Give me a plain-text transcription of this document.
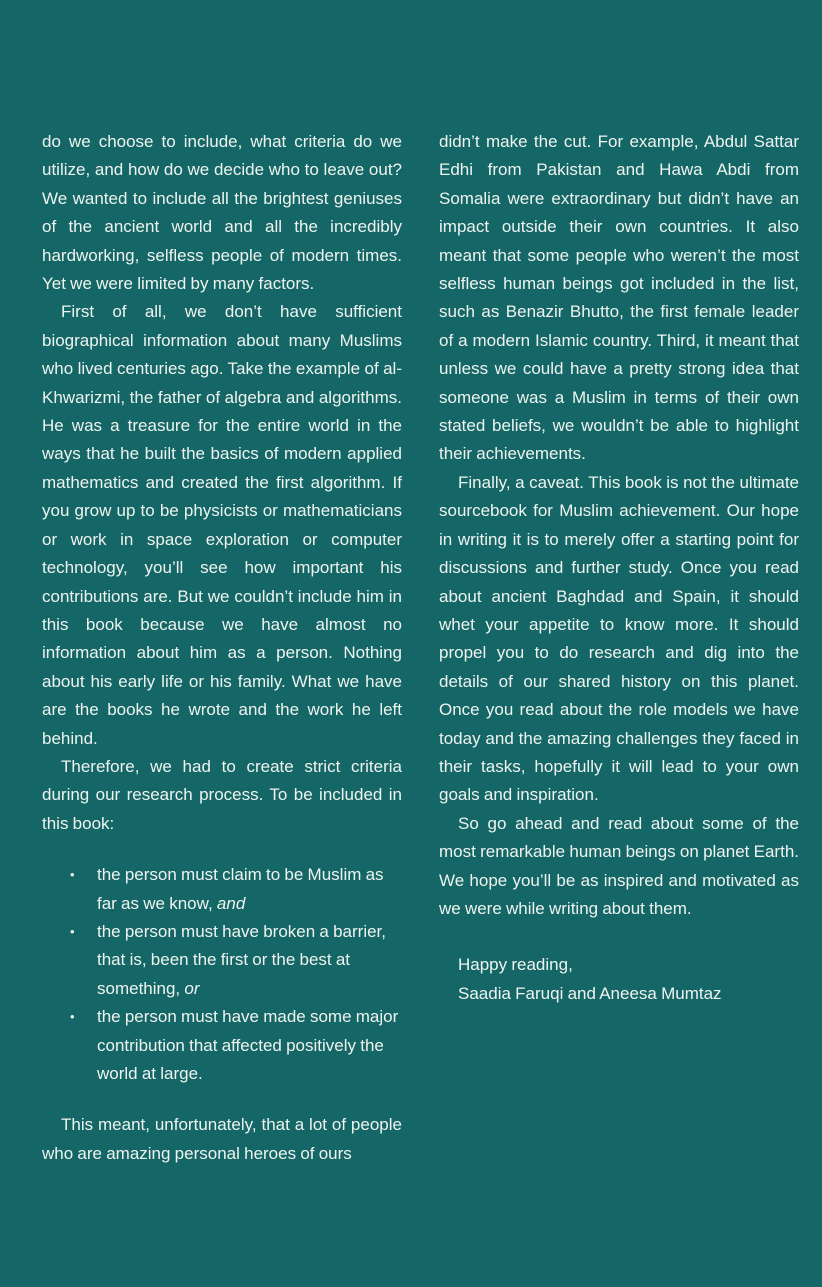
do we choose to include, what criteria do we utilize, and how do we decide who to leave out? We wanted to include all the brightest geniuses of the ancient world and all the incredibly hardworking, selfless people of modern times. Yet we were limited by many factors.

First of all, we don’t have sufficient biographical information about many Muslims who lived centuries ago. Take the example of al-Khwarizmi, the father of algebra and algorithms. He was a treasure for the entire world in the ways that he built the basics of modern applied mathematics and created the first algorithm. If you grow up to be physicists or mathematicians or work in space exploration or computer technology, you’ll see how important his contributions are. But we couldn’t include him in this book because we have almost no information about him as a person. Nothing about his early life or his family. What we have are the books he wrote and the work he left behind.

Therefore, we had to create strict criteria during our research process. To be included in this book:

• the person must claim to be Muslim as far as we know, and
• the person must have broken a barrier, that is, been the first or the best at something, or
• the person must have made some major contribution that affected positively the world at large.

This meant, unfortunately, that a lot of people who are amazing personal heroes of ours

didn’t make the cut. For example, Abdul Sattar Edhi from Pakistan and Hawa Abdi from Somalia were extraordinary but didn’t have an impact outside their own countries. It also meant that some people who weren’t the most selfless human beings got included in the list, such as Benazir Bhutto, the first female leader of a modern Islamic country. Third, it meant that unless we could have a pretty strong idea that someone was a Muslim in terms of their own stated beliefs, we wouldn’t be able to highlight their achievements.

Finally, a caveat. This book is not the ultimate sourcebook for Muslim achievement. Our hope in writing it is to merely offer a starting point for discussions and further study. Once you read about ancient Baghdad and Spain, it should whet your appetite to know more. It should propel you to do research and dig into the details of our shared history on this planet. Once you read about the role models we have today and the amazing challenges they faced in their tasks, hopefully it will lead to your own goals and inspiration.

So go ahead and read about some of the most remarkable human beings on planet Earth. We hope you’ll be as inspired and motivated as we were while writing about them.

Happy reading,
Saadia Faruqi and Aneesa Mumtaz
